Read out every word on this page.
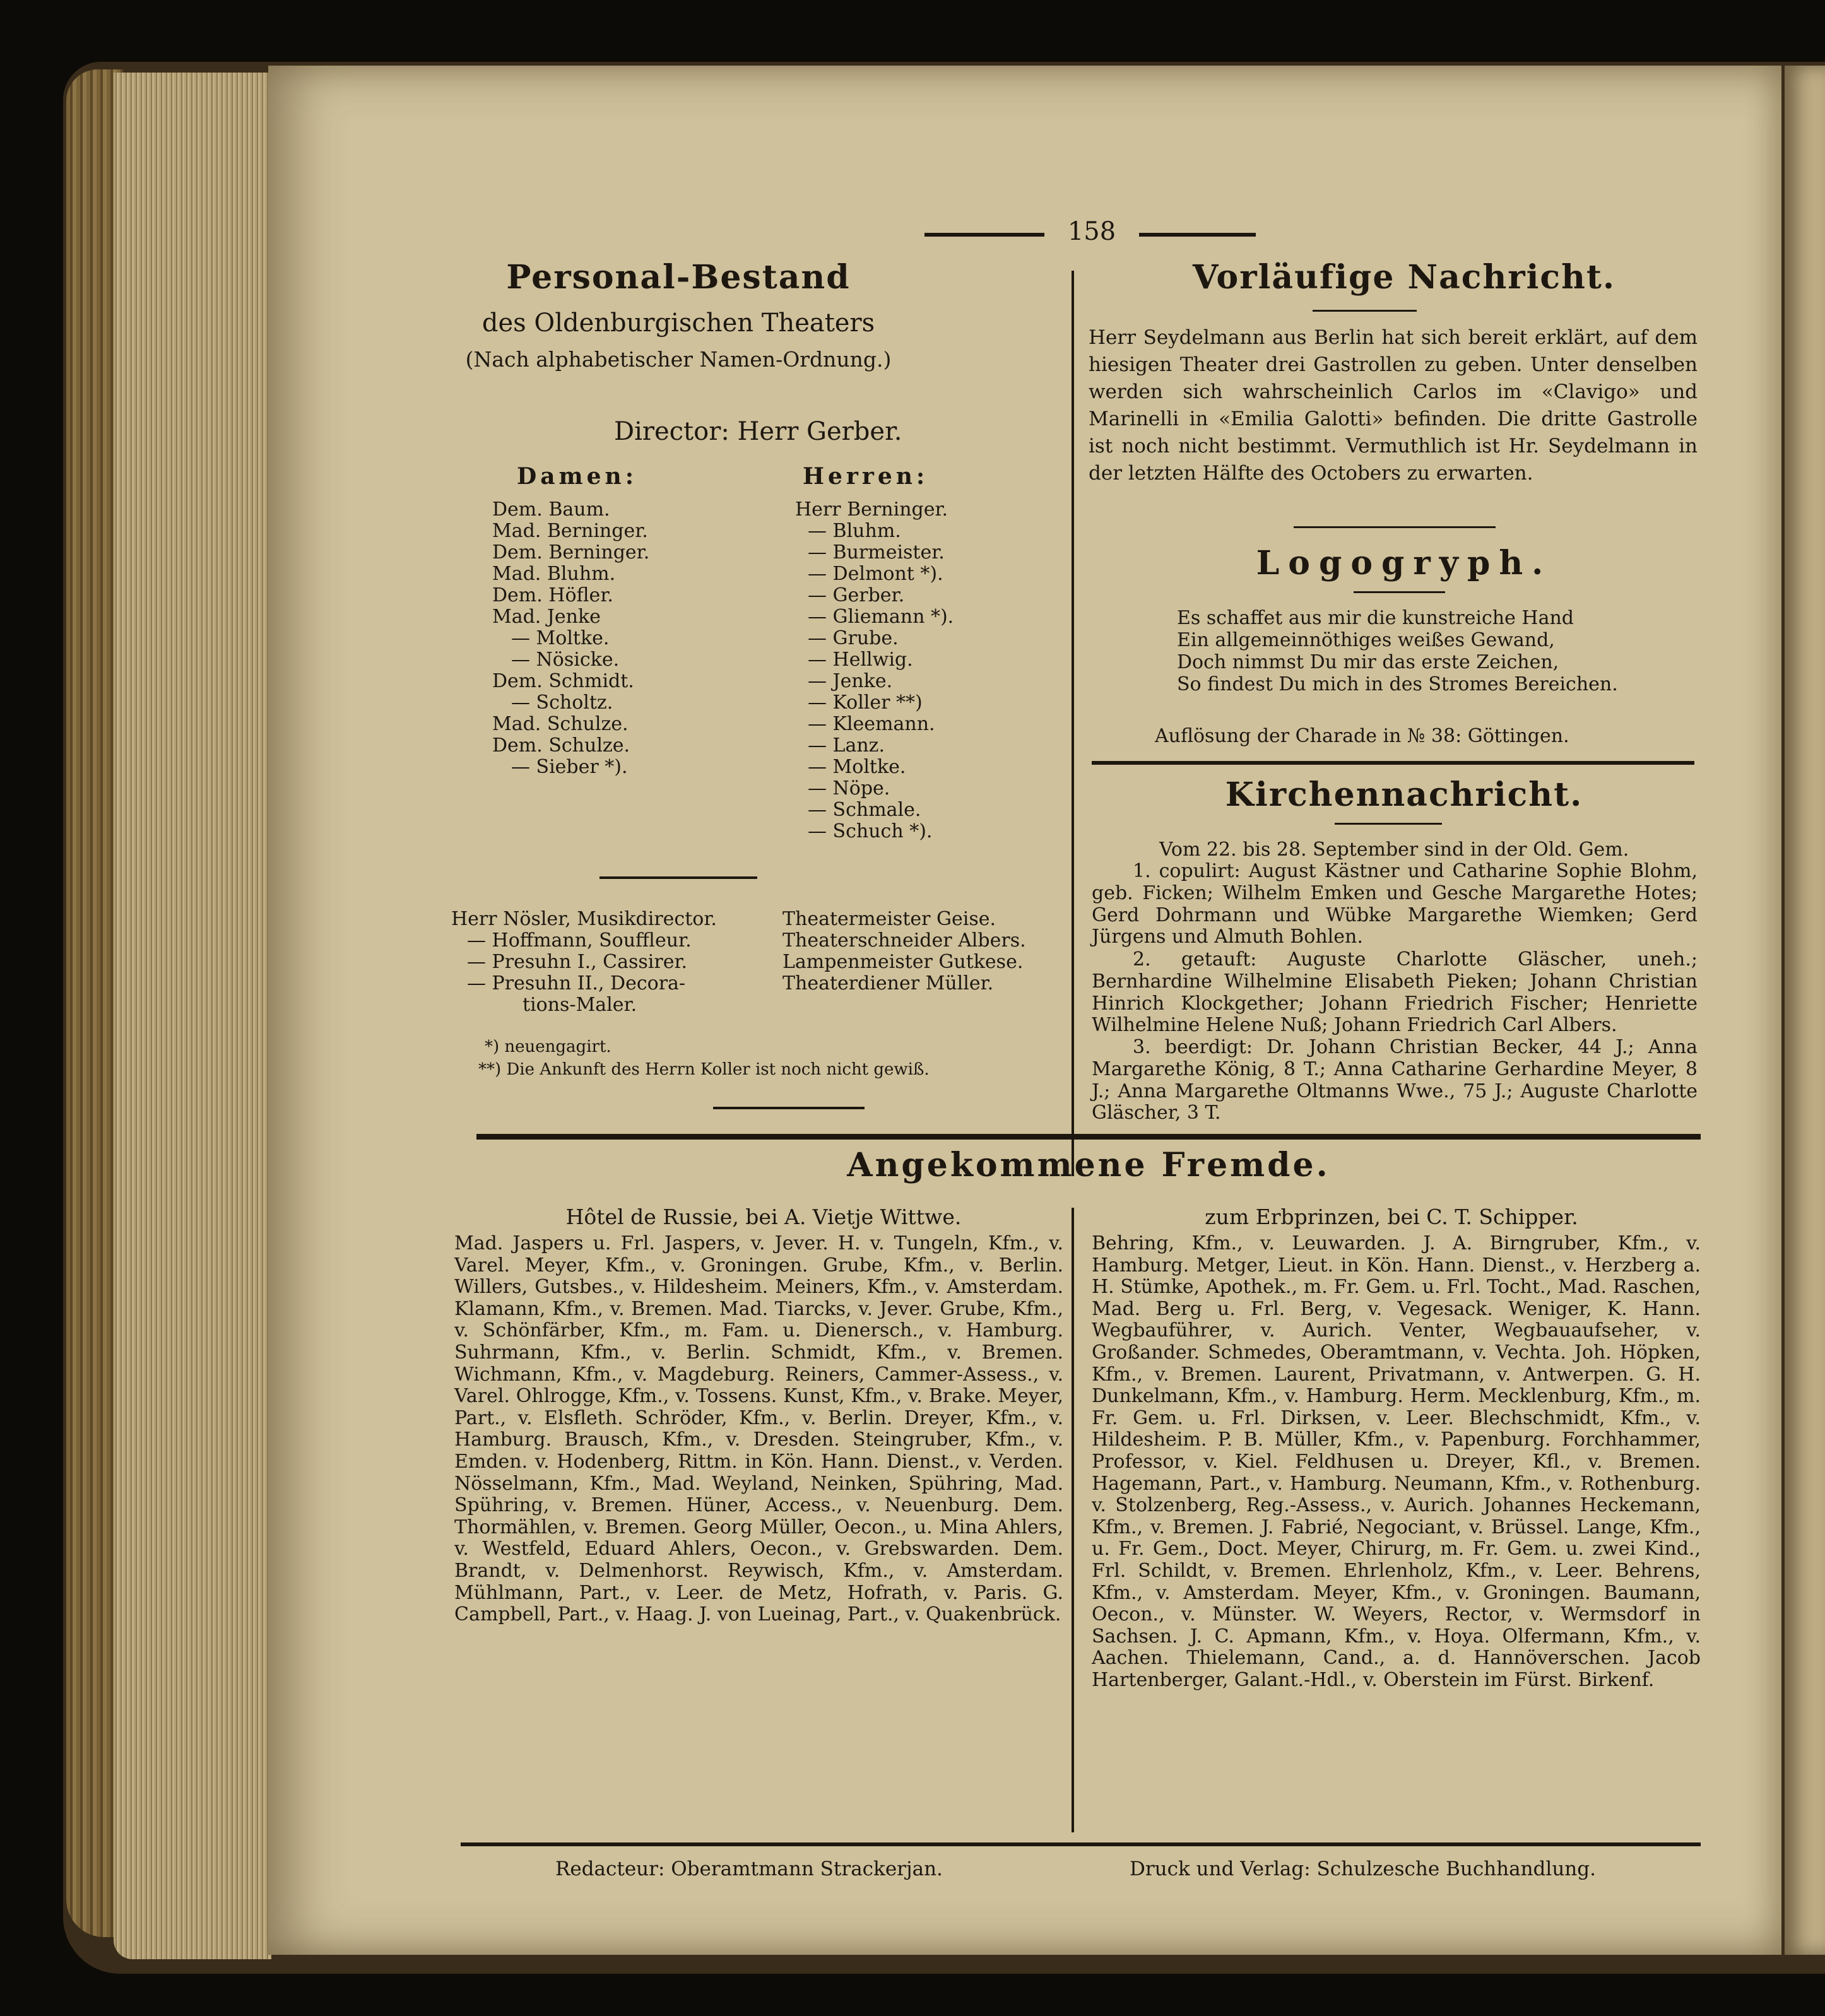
158
Personal-Bestand
des Oldenburgischen Theaters
(Nach alphabetischer Namen-Ordnung.)
Director: Herr Gerber.
Damen:	Herren:
Dem. Baum.
Mad. Berninger.
Dem. Berninger.
Mad. Bluhm.
Dem. Höfler.
Mad. Jenke
— Moltke.
— Nösicke.
Dem. Schmidt.
— Scholtz.
Mad. Schulze.
Dem. Schulze.
— Sieber *).
Herr Berninger.
— Bluhm.
— Burmeister.
— Delmont *).
— Gerber.
— Gliemann *).
— Grube.
— Hellwig.
— Jenke.
— Koller **)
— Kleemann.
— Lanz.
— Moltke.
— Nöpe.
— Schmale.
— Schuch *).
Herr Nösler, Musikdirector.
— Hoffmann, Souffleur.
— Presuhn I., Cassirer.
— Presuhn II., Decora-
tions-Maler.
Theatermeister Geise.
Theaterschneider Albers.
Lampenmeister Gutkese.
Theaterdiener Müller.
*) neuengagirt.
**) Die Ankunft des Herrn Koller ist noch nicht gewiß.
Vorläufige Nachricht.
Herr Seydelmann aus Berlin hat sich bereit erklärt, auf dem hiesigen Theater drei Gastrollen zu geben. Unter denselben werden sich wahrscheinlich Carlos im «Clavigo» und Marinelli in «Emilia Galotti» befinden. Die dritte Gastrolle ist noch nicht bestimmt. Vermuthlich ist Hr. Seydelmann in der letzten Hälfte des Octobers zu erwarten.
Logogryph.
Es schaffet aus mir die kunstreiche Hand
Ein allgemeinnöthiges weißes Gewand,
Doch nimmst Du mir das erste Zeichen,
So findest Du mich in des Stromes Bereichen.
Auflösung der Charade in № 38: Göttingen.
Kirchennachricht.
Vom 22. bis 28. September sind in der Old. Gem.
1. copulirt: August Kästner und Catharine Sophie Blohm, geb. Ficken; Wilhelm Emken und Gesche Margarethe Hotes; Gerd Dohrmann und Wübke Margarethe Wiemken; Gerd Jürgens und Almuth Bohlen.
2. getauft: Auguste Charlotte Gläscher, uneh.; Bernhardine Wilhelmine Elisabeth Pieken; Johann Christian Hinrich Klockgether; Johann Friedrich Fischer; Henriette Wilhelmine Helene Nuß; Johann Friedrich Carl Albers.
3. beerdigt: Dr. Johann Christian Becker, 44 J.; Anna Margarethe König, 8 T.; Anna Catharine Gerhardine Meyer, 8 J.; Anna Margarethe Oltmanns Wwe., 75 J.; Auguste Charlotte Gläscher, 3 T.
Angekommene Fremde.
Hôtel de Russie, bei A. Vietje Wittwe.
Mad. Jaspers u. Frl. Jaspers, v. Jever. H. v. Tungeln, Kfm., v. Varel. Meyer, Kfm., v. Groningen. Grube, Kfm., v. Berlin. Willers, Gutsbes., v. Hildesheim. Meiners, Kfm., v. Amsterdam. Klamann, Kfm., v. Bremen. Mad. Tiarcks, v. Jever. Grube, Kfm., v. Schönfärber, Kfm., m. Fam. u. Dienersch., v. Hamburg. Suhrmann, Kfm., v. Berlin. Schmidt, Kfm., v. Bremen. Wichmann, Kfm., v. Magdeburg. Reiners, Cammer-Assess., v. Varel. Ohlrogge, Kfm., v. Tossens. Kunst, Kfm., v. Brake. Meyer, Part., v. Elsfleth. Schröder, Kfm., v. Berlin. Dreyer, Kfm., v. Hamburg. Brausch, Kfm., v. Dresden. Steingruber, Kfm., v. Emden. v. Hodenberg, Rittm. in Kön. Hann. Dienst., v. Verden. Nösselmann, Kfm., Mad. Weyland, Neinken, Spühring, Mad. Spühring, v. Bremen. Hüner, Access., v. Neuenburg. Dem. Thormählen, v. Bremen. Georg Müller, Oecon., u. Mina Ahlers, v. Westfeld, Eduard Ahlers, Oecon., v. Grebswarden. Dem. Brandt, v. Delmenhorst. Reywisch, Kfm., v. Amsterdam. Mühlmann, Part., v. Leer. de Metz, Hofrath, v. Paris. G. Campbell, Part., v. Haag. J. von Lueinag, Part., v. Quakenbrück.
zum Erbprinzen, bei C. T. Schipper.
Behring, Kfm., v. Leuwarden. J. A. Birngruber, Kfm., v. Hamburg. Metger, Lieut. in Kön. Hann. Dienst., v. Herzberg a. H. Stümke, Apothek., m. Fr. Gem. u. Frl. Tocht., Mad. Raschen, Mad. Berg u. Frl. Berg, v. Vegesack. Weniger, K. Hann. Wegbauführer, v. Aurich. Venter, Wegbauaufseher, v. Großander. Schmedes, Oberamtmann, v. Vechta. Joh. Höpken, Kfm., v. Bremen. Laurent, Privatmann, v. Antwerpen. G. H. Dunkelmann, Kfm., v. Hamburg. Herm. Mecklenburg, Kfm., m. Fr. Gem. u. Frl. Dirksen, v. Leer. Blechschmidt, Kfm., v. Hildesheim. P. B. Müller, Kfm., v. Papenburg. Forchhammer, Professor, v. Kiel. Feldhusen u. Dreyer, Kfl., v. Bremen. Hagemann, Part., v. Hamburg. Neumann, Kfm., v. Rothenburg. v. Stolzenberg, Reg.-Assess., v. Aurich. Johannes Heckemann, Kfm., v. Bremen. J. Fabrié, Negociant, v. Brüssel. Lange, Kfm., u. Fr. Gem., Doct. Meyer, Chirurg, m. Fr. Gem. u. zwei Kind., Frl. Schildt, v. Bremen. Ehrlenholz, Kfm., v. Leer. Behrens, Kfm., v. Amsterdam. Meyer, Kfm., v. Groningen. Baumann, Oecon., v. Münster. W. Weyers, Rector, v. Wermsdorf in Sachsen. J. C. Apmann, Kfm., v. Hoya. Olfermann, Kfm., v. Aachen. Thielemann, Cand., a. d. Hannöverschen. Jacob Hartenberger, Galant.-Hdl., v. Oberstein im Fürst. Birkenf.
Redacteur: Oberamtmann Strackerjan.	Druck und Verlag: Schulzesche Buchhandlung.
